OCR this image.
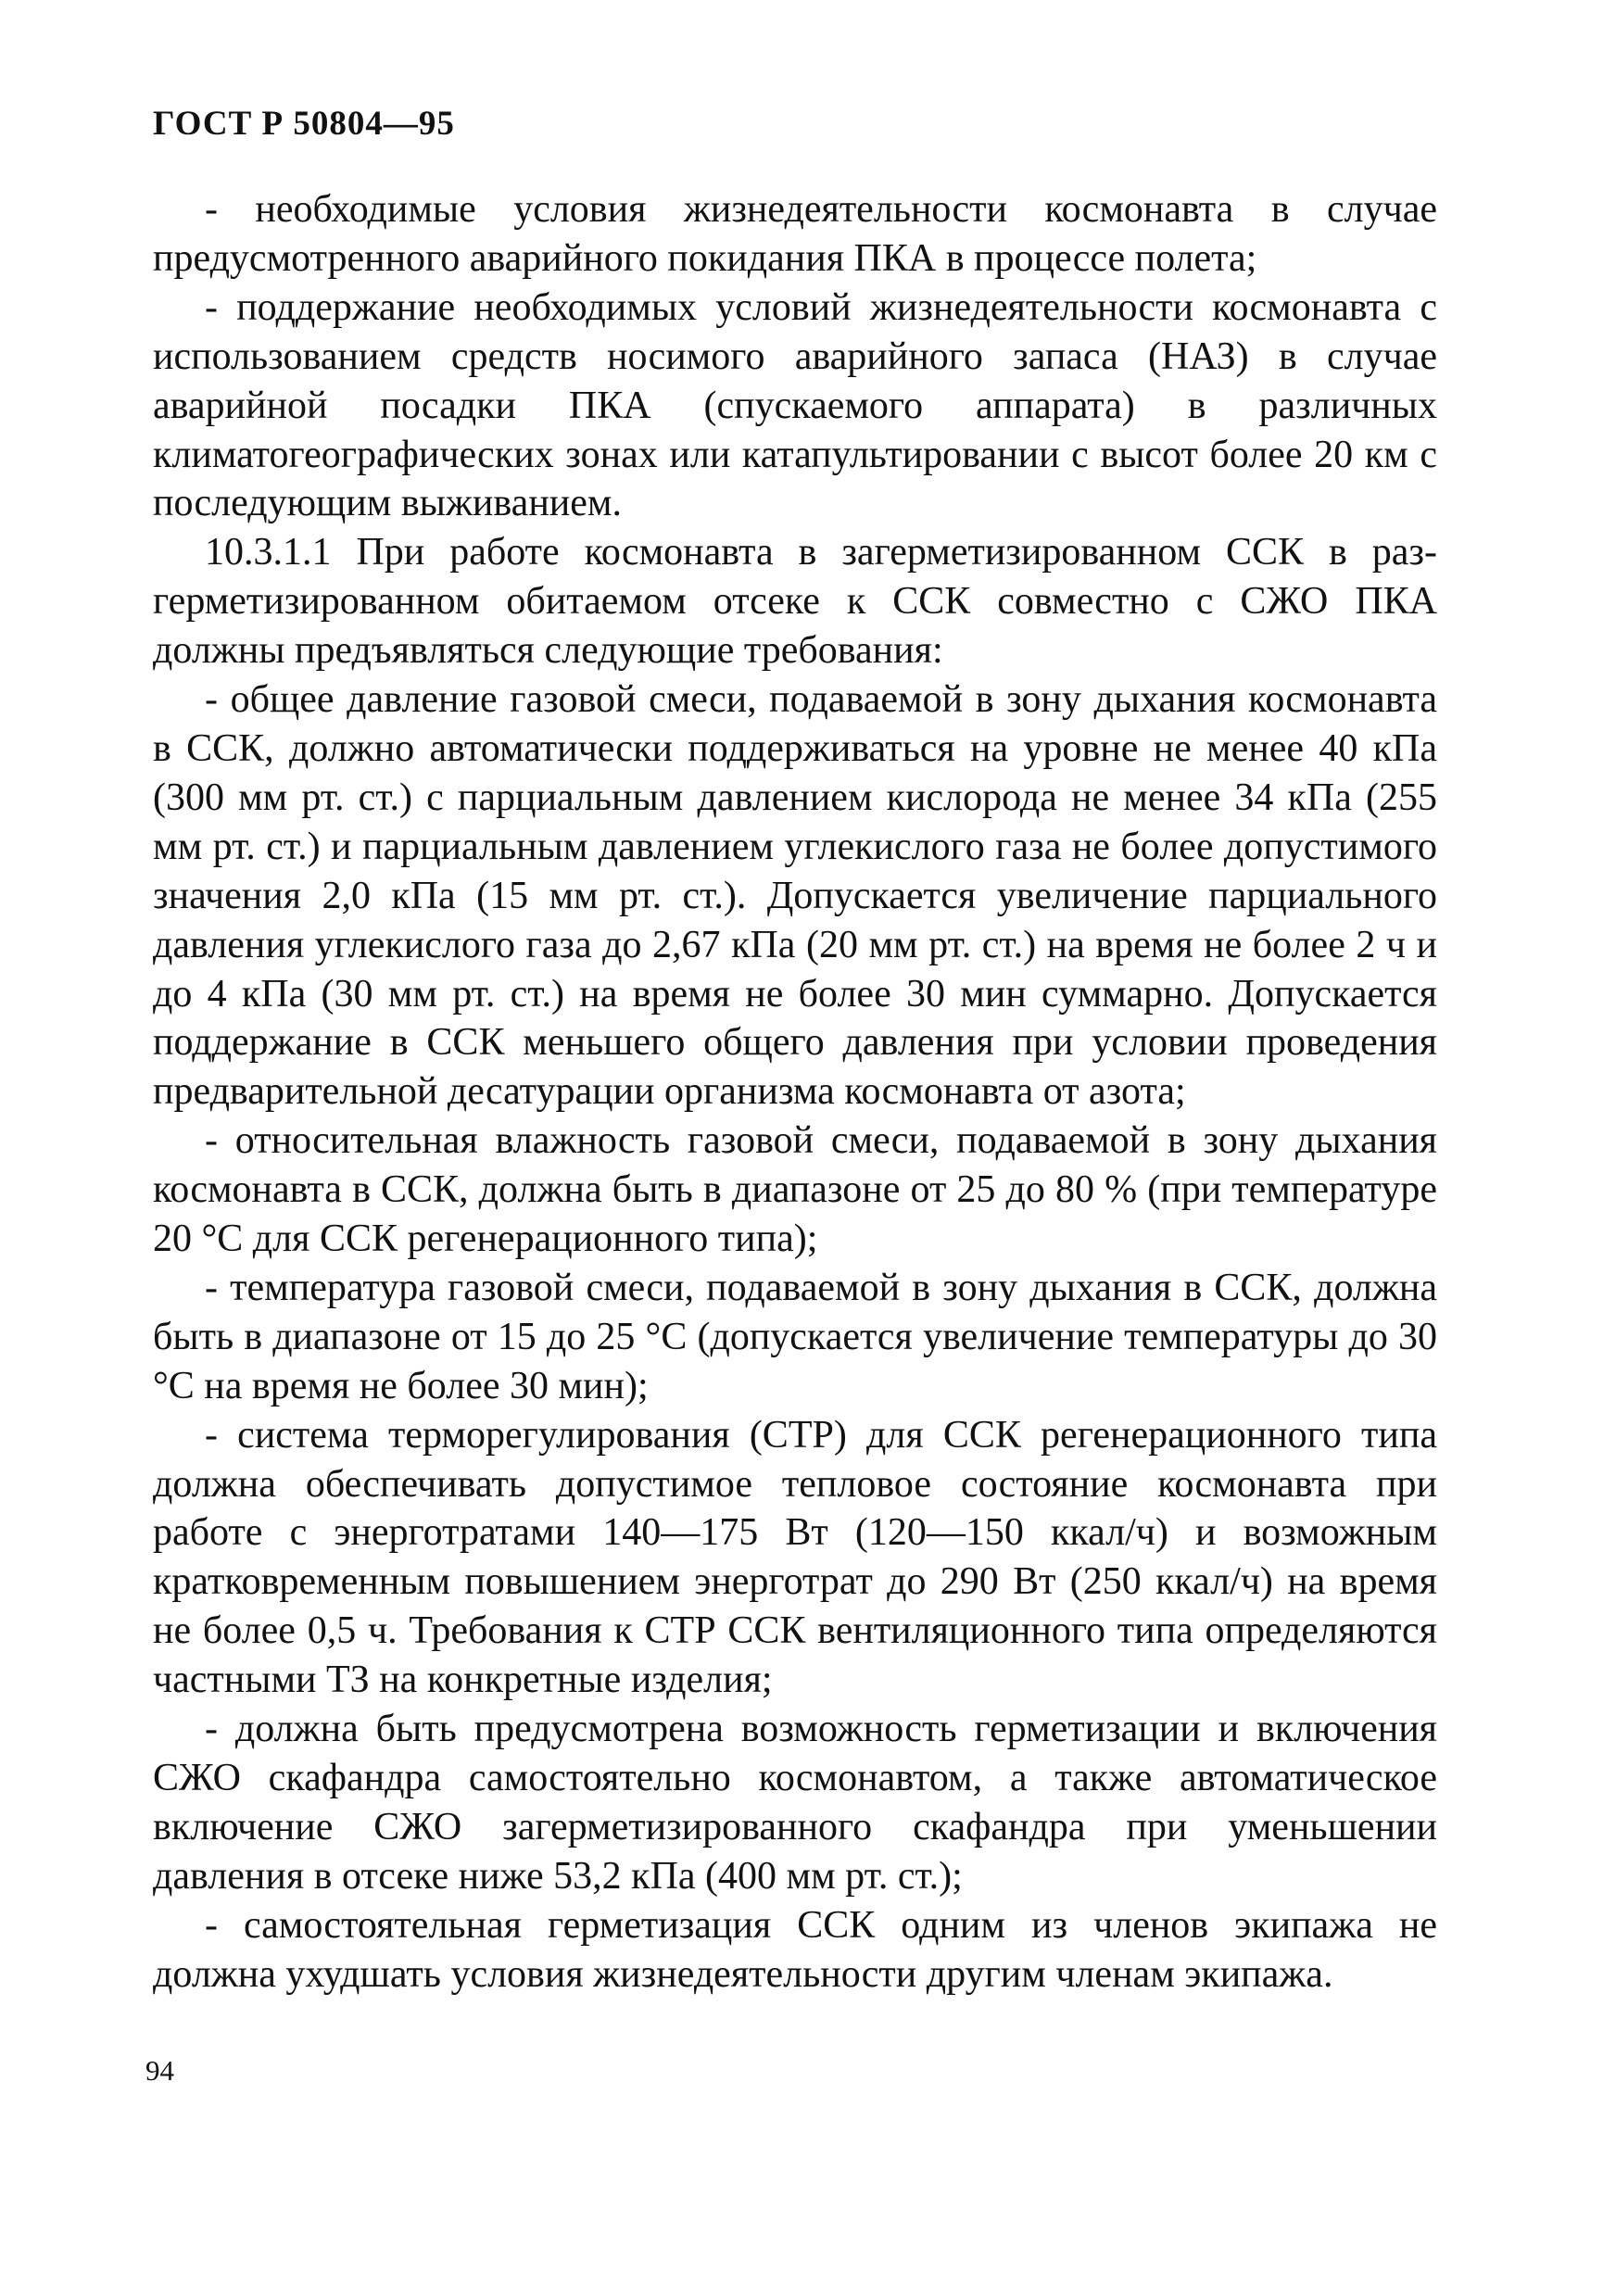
ГОСТ Р 50804—95

- необходимые условия жизнедеятельности космонавта в случае предусмотренного аварийного покидания ПКА в процессе полета;

- поддержание необходимых условий жизнедеятельности космонавта с использованием средств носимого аварийного запаса (НАЗ) в случае аварийной посадки ПКА (спускаемого аппарата) в различных климатогеографических зонах или катапультировании с высот более 20 км с последующим выживанием.

10.3.1.1 При работе космонавта в загерметизированном ССК в разгерметизированном обитаемом отсеке к ССК совместно с СЖО ПКА должны предъявляться следующие требования:

- общее давление газовой смеси, подаваемой в зону дыхания космонавта в ССК, должно автоматически поддерживаться на уровне не менее 40 кПа (300 мм рт. ст.) с парциальным давлением кислорода не менее 34 кПа (255 мм рт. ст.) и парциальным давлением углекислого газа не более допустимого значения 2,0 кПа (15 мм рт. ст.). Допускается увеличение парциального давления углекислого газа до 2,67 кПа (20 мм рт. ст.) на время не более 2 ч и до 4 кПа (30 мм рт. ст.) на время не более 30 мин суммарно. Допускается поддержание в ССК меньшего общего давления при условии проведения предварительной десатурации организма космонавта от азота;

- относительная влажность газовой смеси, подаваемой в зону дыхания космонавта в ССК, должна быть в диапазоне от 25 до 80 % (при температуре 20 °С для ССК регенерационного типа);

- температура газовой смеси, подаваемой в зону дыхания в ССК, должна быть в диапазоне от 15 до 25 °С (допускается увеличение температуры до 30 °С на время не более 30 мин);

- система терморегулирования (СТР) для ССК регенерационного типа должна обеспечивать допустимое тепловое состояние космонавта при работе с энерготратами 140—175 Вт (120—150 ккал/ч) и возможным кратковременным повышением энерготрат до 290 Вт (250 ккал/ч) на время не более 0,5 ч. Требования к СТР ССК вентиляционного типа определяются частными ТЗ на конкретные изделия;

- должна быть предусмотрена возможность герметизации и включения СЖО скафандра самостоятельно космонавтом, а также автоматическое включение СЖО загерметизированного скафандра при уменьшении давления в отсеке ниже 53,2 кПа (400 мм рт. ст.);

- самостоятельная герметизация ССК одним из членов экипажа не должна ухудшать условия жизнедеятельности другим членам экипажа.

94
